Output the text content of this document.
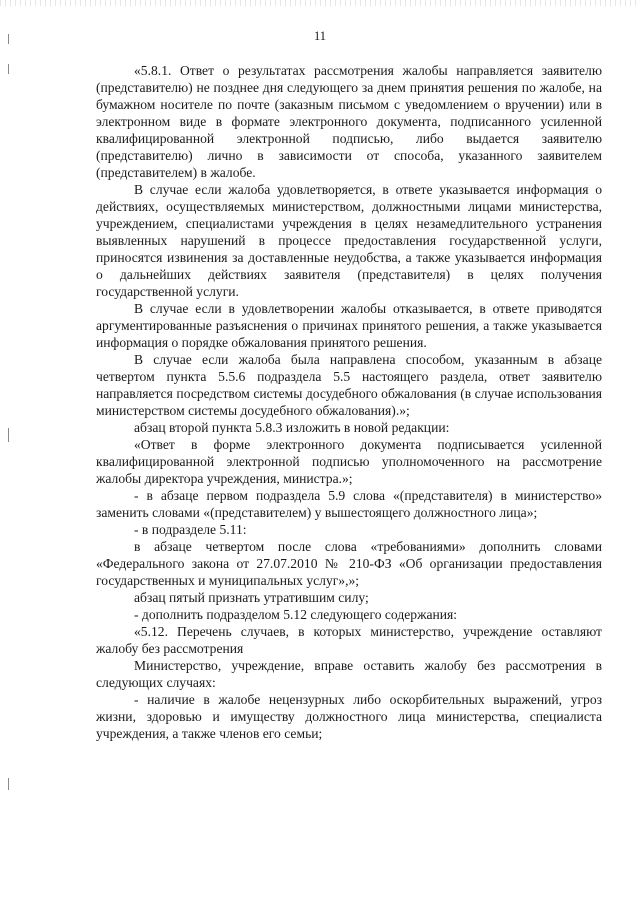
11

«5.8.1. Ответ о результатах рассмотрения жалобы направляется заявителю (представителю) не позднее дня следующего за днем принятия решения по жалобе, на бумажном носителе по почте (заказным письмом с уведомлением о вручении) или в электронном виде в формате электронного документа, подписанного усиленной квалифицированной электронной подписью, либо выдается заявителю (представителю) лично в зависимости от способа, указанного заявителем (представителем) в жалобе.

В случае если жалоба удовлетворяется, в ответе указывается информация о действиях, осуществляемых министерством, должностными лицами министерства, учреждением, специалистами учреждения в целях незамедлительного устранения выявленных нарушений в процессе предоставления государственной услуги, приносятся извинения за доставленные неудобства, а также указывается информация о дальнейших действиях заявителя (представителя) в целях получения государственной услуги.

В случае если в удовлетворении жалобы отказывается, в ответе приводятся аргументированные разъяснения о причинах принятого решения, а также указывается информация о порядке обжалования принятого решения.

В случае если жалоба была направлена способом, указанным в абзаце четвертом пункта 5.5.6 подраздела 5.5 настоящего раздела, ответ заявителю направляется посредством системы досудебного обжалования (в случае использования министерством системы досудебного обжалования).»;

абзац второй пункта 5.8.3 изложить в новой редакции:

«Ответ в форме электронного документа подписывается усиленной квалифицированной электронной подписью уполномоченного на рассмотрение жалобы директора учреждения, министра.»;

- в абзаце первом подраздела 5.9 слова «(представителя) в министерство» заменить словами «(представителем) у вышестоящего должностного лица»;

- в подразделе 5.11:

в абзаце четвертом после слова «требованиями» дополнить словами «Федерального закона от 27.07.2010 № 210-ФЗ «Об организации предоставления государственных и муниципальных услуг»,»;

абзац пятый признать утратившим силу;

- дополнить подразделом 5.12 следующего содержания:

«5.12. Перечень случаев, в которых министерство, учреждение оставляют жалобу без рассмотрения

Министерство, учреждение, вправе оставить жалобу без рассмотрения в следующих случаях:

- наличие в жалобе нецензурных либо оскорбительных выражений, угроз жизни, здоровью и имуществу должностного лица министерства, специалиста учреждения, а также членов его семьи;
